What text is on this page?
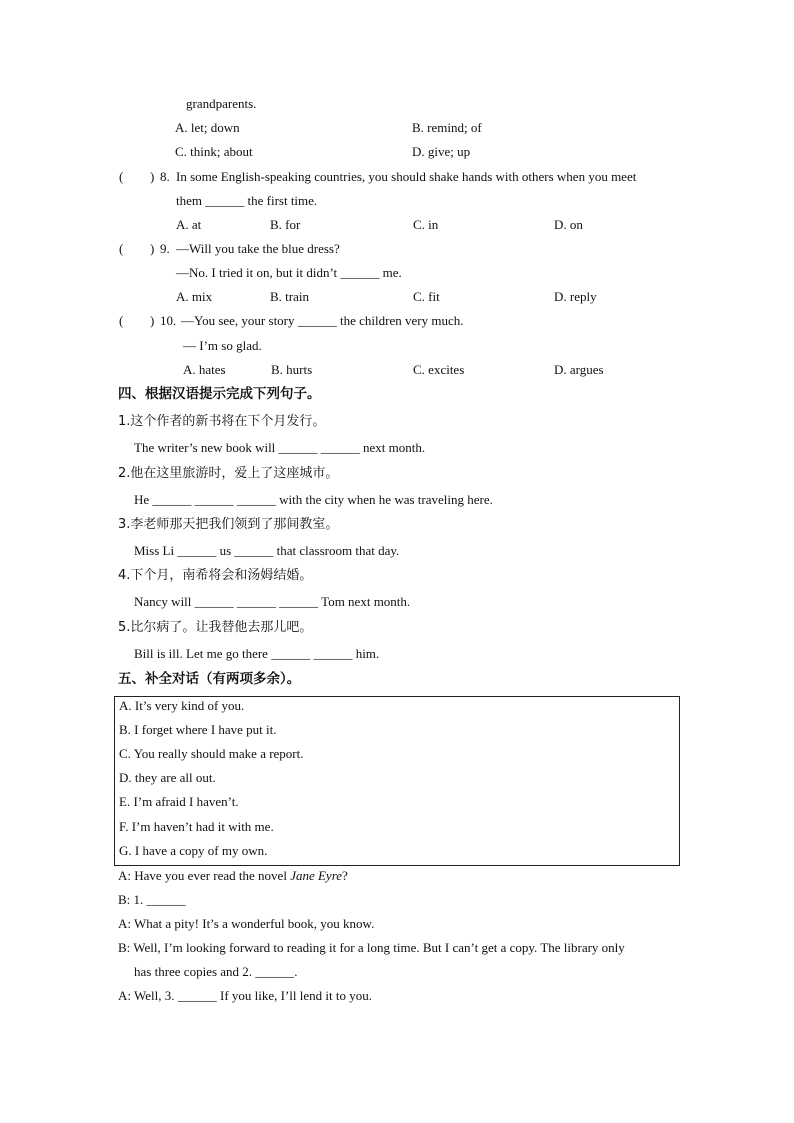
grandparents.
A. let; down	B. remind; of
C. think; about	D. give; up
( ) 8. In some English-speaking countries, you should shake hands with others when you meet
them ______ the first time.
A. at	B. for	C. in	D. on
( ) 9. —Will you take the blue dress?
—No. I tried it on, but it didn’t ______ me.
A. mix	B. train	C. fit	D. reply
( ) 10. —You see, your story ______ the children very much.
— I’m so glad.
A. hates	B. hurts	C. excites	D. argues
四、根据汉语提示完成下列句子。
1.这个作者的新书将在下个月发行。
The writer’s new book will ______ ______ next month.
2.他在这里旅游时，爱上了这座城市。
He ______ ______ ______ with the city when he was traveling here.
3.李老师那天把我们领到了那间教室。
Miss Li ______ us ______ that classroom that day.
4.下个月，南希将会和汤姆结婚。
Nancy will ______ ______ ______ Tom next month.
5.比尔病了。让我替他去那儿吧。
Bill is ill. Let me go there ______ ______ him.
五、补全对话（有两项多余）。
A. It’s very kind of you.
B. I forget where I have put it.
C. You really should make a report.
D. they are all out.
E. I’m afraid I haven’t.
F. I’m haven’t had it with me.
G. I have a copy of my own.
A: Have you ever read the novel Jane Eyre?
B: 1. ______
A: What a pity! It’s a wonderful book, you know.
B: Well, I’m looking forward to reading it for a long time. But I can’t get a copy. The library only
has three copies and 2. ______.
A: Well, 3. ______ If you like, I’ll lend it to you.
